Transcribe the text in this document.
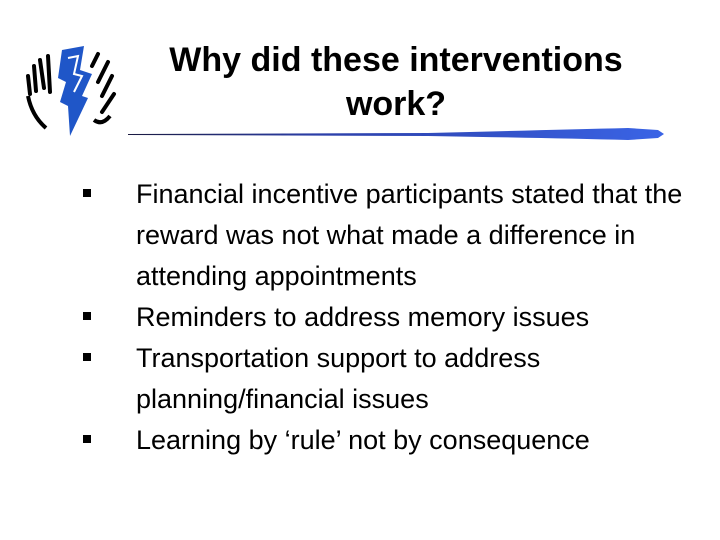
Why did these interventions
work?
Financial incentive participants stated that the reward was not what made a difference in attending appointments
Reminders to address memory issues
Transportation support to address planning/financial issues
Learning by ‘rule’ not by consequence
